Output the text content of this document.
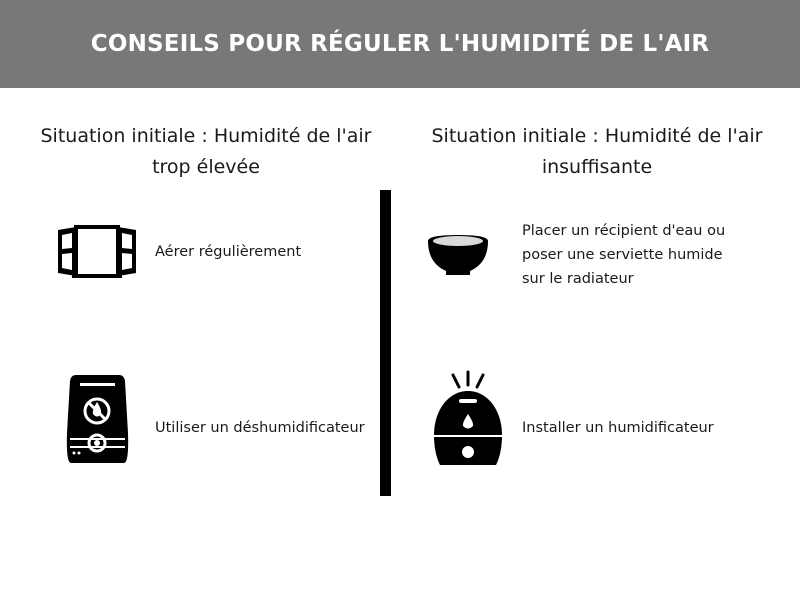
CONSEILS POUR RÉGULER L'HUMIDITÉ DE L'AIR
Situation initiale : Humidité de l'air
trop élevée
Situation initiale : Humidité de l'air
insuffisante
Aérer régulièrement
Utiliser un déshumidificateur
Placer un récipient d'eau ou
poser une serviette humide
sur le radiateur
Installer un humidificateur
